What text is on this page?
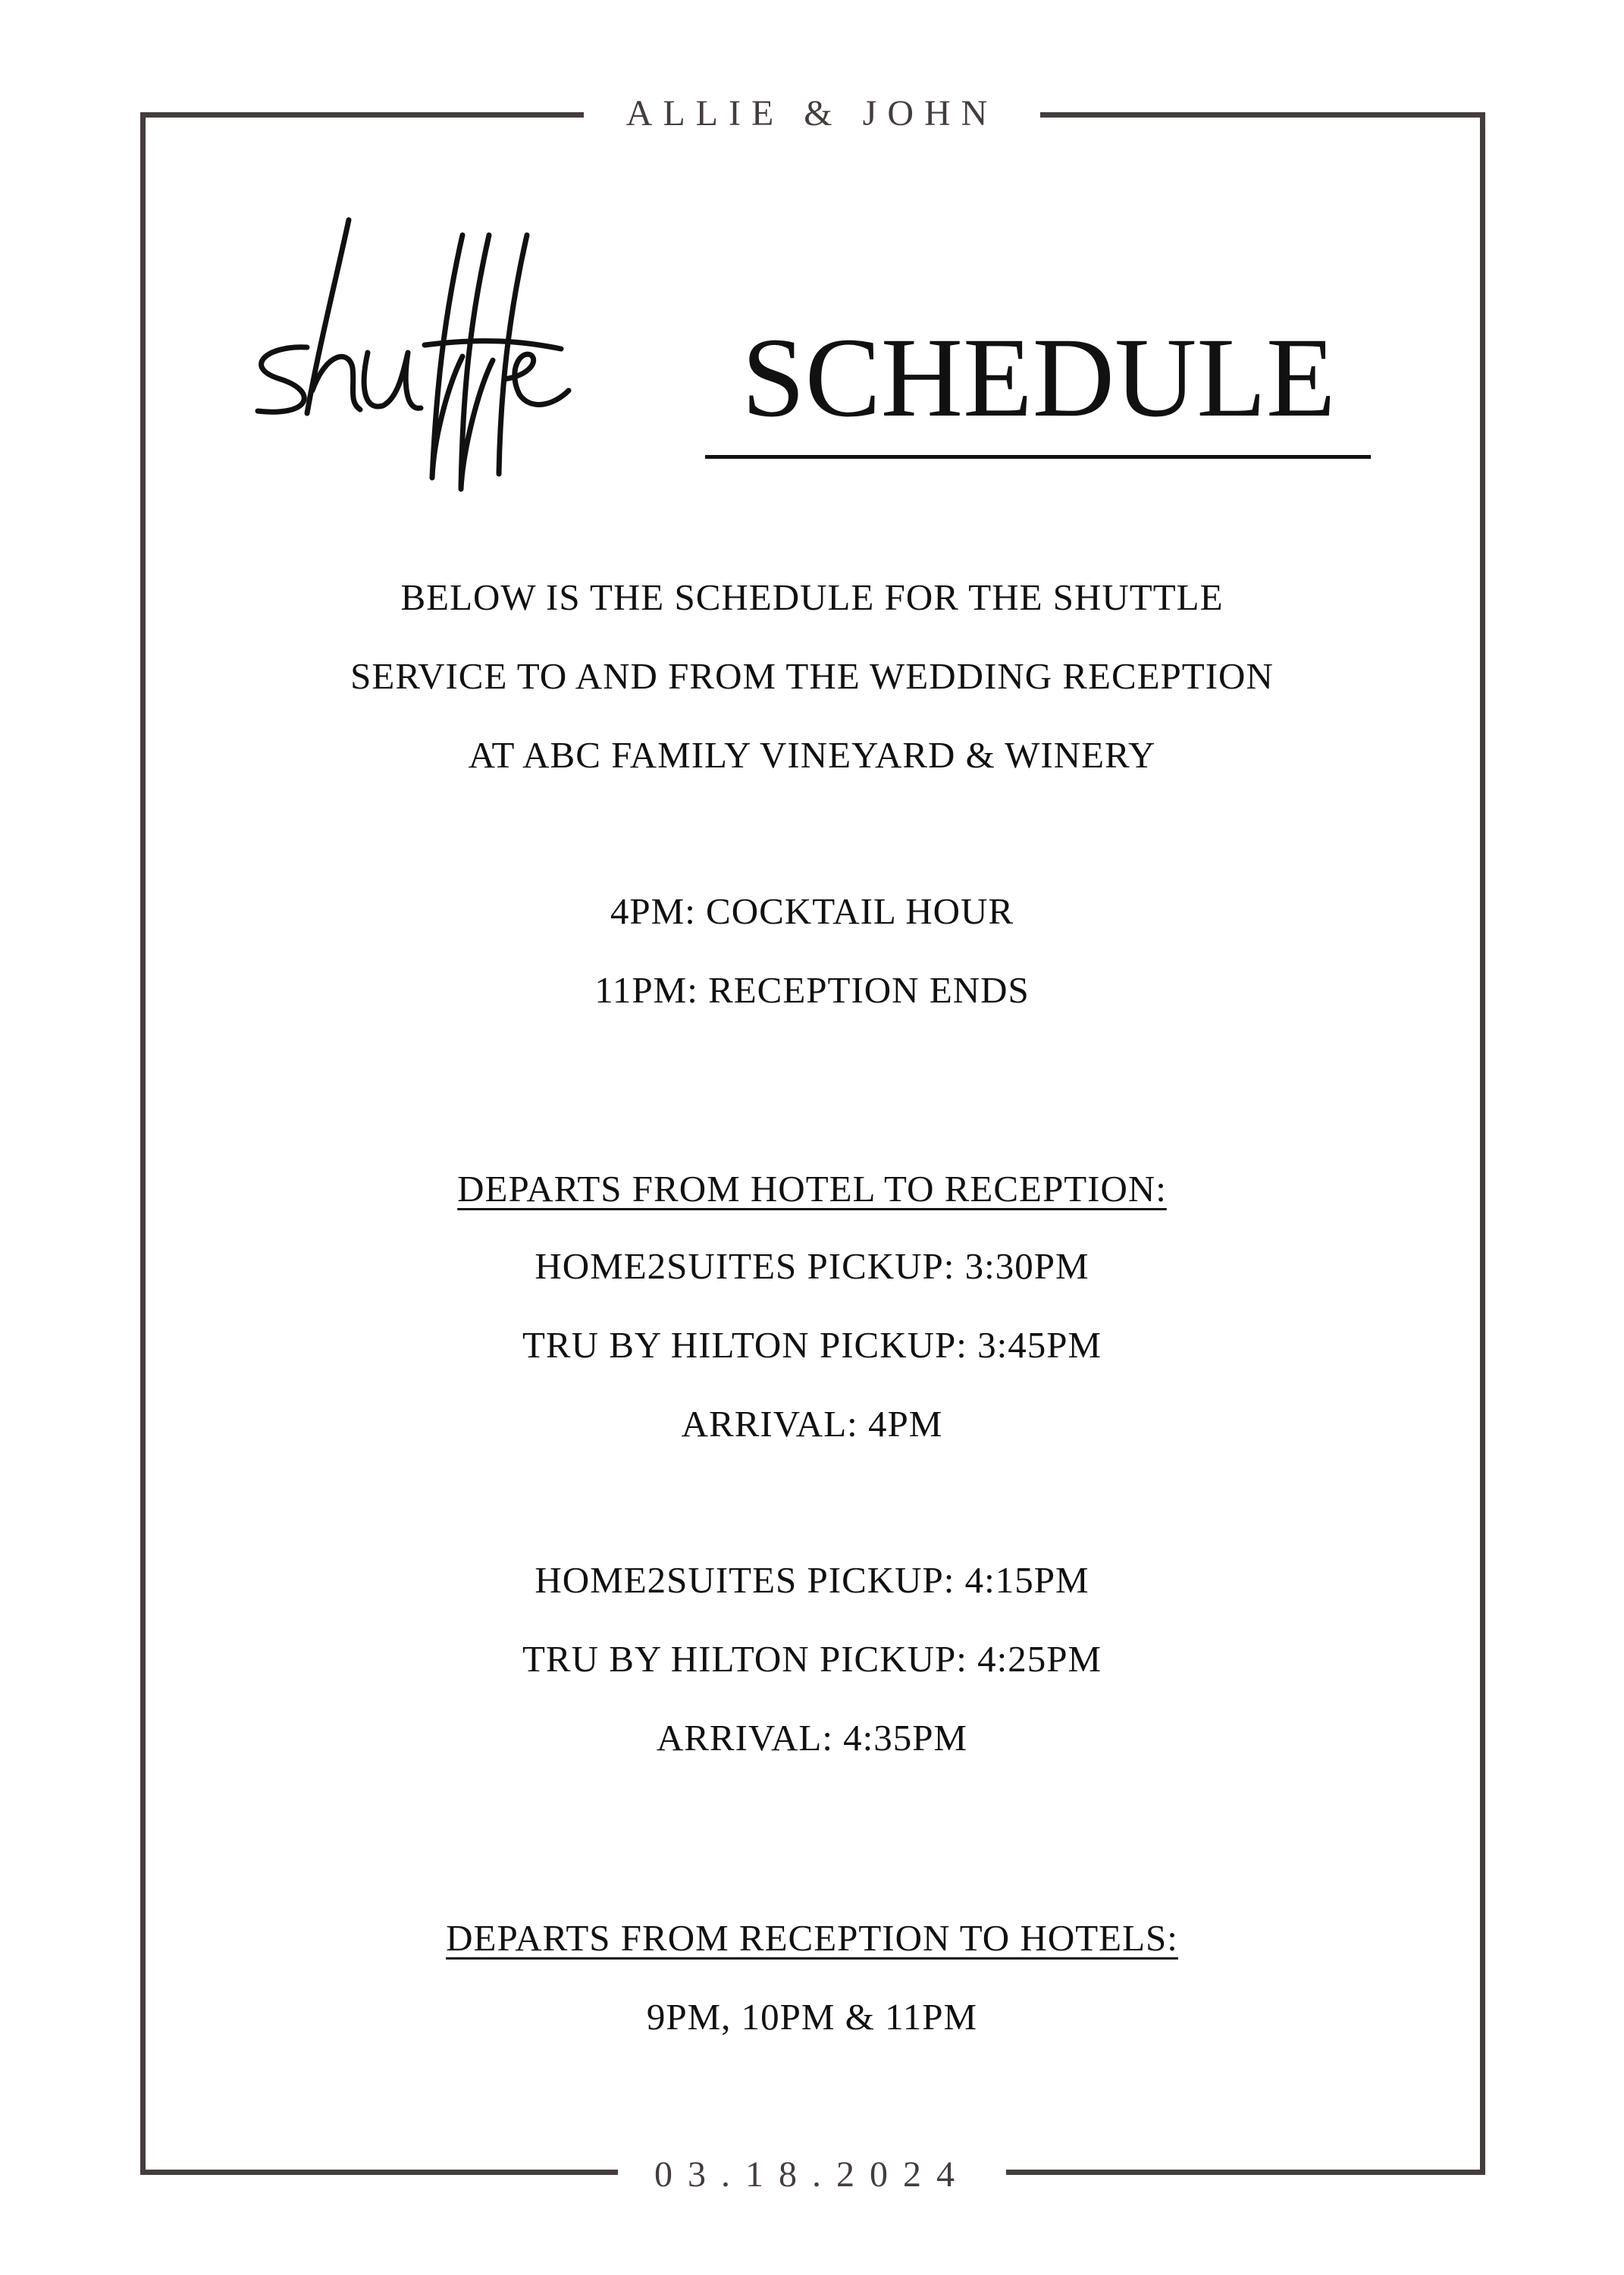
ALLIE & JOHN
SCHEDULE
BELOW IS THE SCHEDULE FOR THE SHUTTLE
SERVICE TO AND FROM THE WEDDING RECEPTION
AT ABC FAMILY VINEYARD & WINERY
4PM: COCKTAIL HOUR
11PM: RECEPTION ENDS
DEPARTS FROM HOTEL TO RECEPTION:
HOME2SUITES PICKUP: 3:30PM
TRU BY HILTON PICKUP: 3:45PM
ARRIVAL: 4PM
HOME2SUITES PICKUP: 4:15PM
TRU BY HILTON PICKUP: 4:25PM
ARRIVAL: 4:35PM
DEPARTS FROM RECEPTION TO HOTELS:
9PM, 10PM & 11PM
03.18.2024
